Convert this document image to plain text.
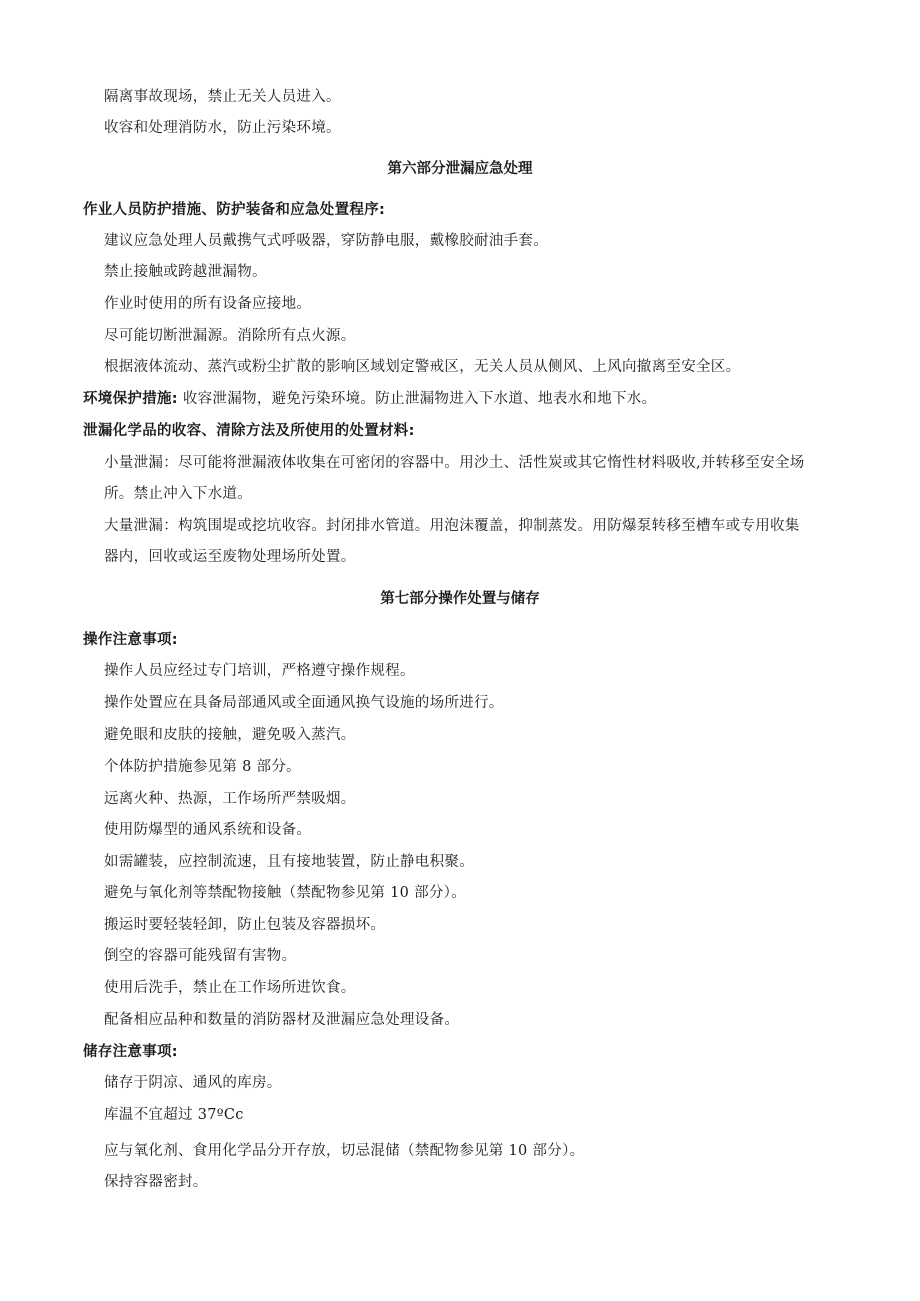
隔离事故现场，禁止无关人员进入。
收容和处理消防水，防止污染环境。
第六部分泄漏应急处理
作业人员防护措施、防护装备和应急处置程序:
建议应急处理人员戴携气式呼吸器，穿防静电服，戴橡胶耐油手套。
禁止接触或跨越泄漏物。
作业时使用的所有设备应接地。
尽可能切断泄漏源。消除所有点火源。
根据液体流动、蒸汽或粉尘扩散的影响区域划定警戒区，无关人员从侧风、上风向撤离至安全区。
环境保护措施: 收容泄漏物，避免污染环境。防止泄漏物进入下水道、地表水和地下水。
泄漏化学品的收容、清除方法及所使用的处置材料:
小量泄漏：尽可能将泄漏液体收集在可密闭的容器中。用沙土、活性炭或其它惰性材料吸收,并转移至安全场
所。禁止冲入下水道。
大量泄漏：构筑围堤或挖坑收容。封闭排水管道。用泡沫覆盖，抑制蒸发。用防爆泵转移至槽车或专用收集
器内，回收或运至废物处理场所处置。
第七部分操作处置与储存
操作注意事项:
操作人员应经过专门培训，严格遵守操作规程。
操作处置应在具备局部通风或全面通风换气设施的场所进行。
避免眼和皮肤的接触，避免吸入蒸汽。
个体防护措施参见第 8 部分。
远离火种、热源，工作场所严禁吸烟。
使用防爆型的通风系统和设备。
如需罐装，应控制流速，且有接地装置，防止静电积聚。
避免与氧化剂等禁配物接触（禁配物参见第 10 部分）。
搬运时要轻装轻卸，防止包装及容器损坏。
倒空的容器可能残留有害物。
使用后洗手，禁止在工作场所进饮食。
配备相应品种和数量的消防器材及泄漏应急处理设备。
储存注意事项:
储存于阴凉、通风的库房。
库温不宜超过 37ºCc
应与氧化剂、食用化学品分开存放，切忌混储（禁配物参见第 10 部分）。
保持容器密封。
